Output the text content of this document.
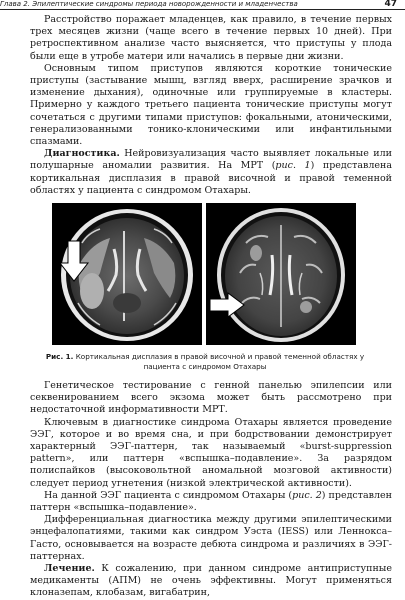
Глава 2. Эпилептические синдромы периода новорожденности и младенчества	47

Расстройство поражает младенцев, как правило, в течение первых трех месяцев жизни (чаще всего в течение первых 10 дней). При ретроспективном анализе часто выясняется, что приступы у плода были еще в утробе матери или начались в первые дни жизни.

Основным типом приступов являются короткие тонические приступы (застывание мышц, взгляд вверх, расширение зрачков и изменение дыхания), одиночные или группируемые в кластеры. Примерно у каждого третьего пациента тонические приступы могут сочетаться с другими типами приступов: фокальными, атоническими, генерализованными тонико-клоническими или инфантильными спазмами.

Диагностика. Нейровизуализация часто выявляет локальные или полушарные аномалии развития. На МРТ (рис. 1) представлена кортикальная дисплазия в правой височной и правой теменной областях у пациента с синдромом Отахары.

Рис. 1. Кортикальная дисплазия в правой височной и правой теменной областях у пациента с синдромом Отахары

Генетическое тестирование с генной панелью эпилепсии или секвенированием всего экзома может быть рассмотрено при недостаточной информативности МРТ.

Ключевым в диагностике синдрома Отахары является проведение ЭЭГ, которое и во время сна, и при бодрствовании демонстрирует характерный ЭЭГ-паттерн, так называемый «burst-suppression pattern», или паттерн «вспышка–подавление». За разрядом полиспайков (высоковольтной аномальной мозговой активности) следует период угнетения (низкой электрической активности).

На данной ЭЭГ пациента с синдромом Отахары (рис. 2) представлен паттерн «вспышка–подавление».

Дифференциальная диагностика между другими эпилептическими энцефалопатиями, такими как синдром Уэста (IESS) или Леннокса–Гасто, основывается на возрасте дебюта синдрома и различиях в ЭЭГ-паттернах.

Лечение. К сожалению, при данном синдроме антиприступные медикаменты (АПМ) не очень эффективны. Могут применяться клоназепам, клобазам, вигабатрин,
